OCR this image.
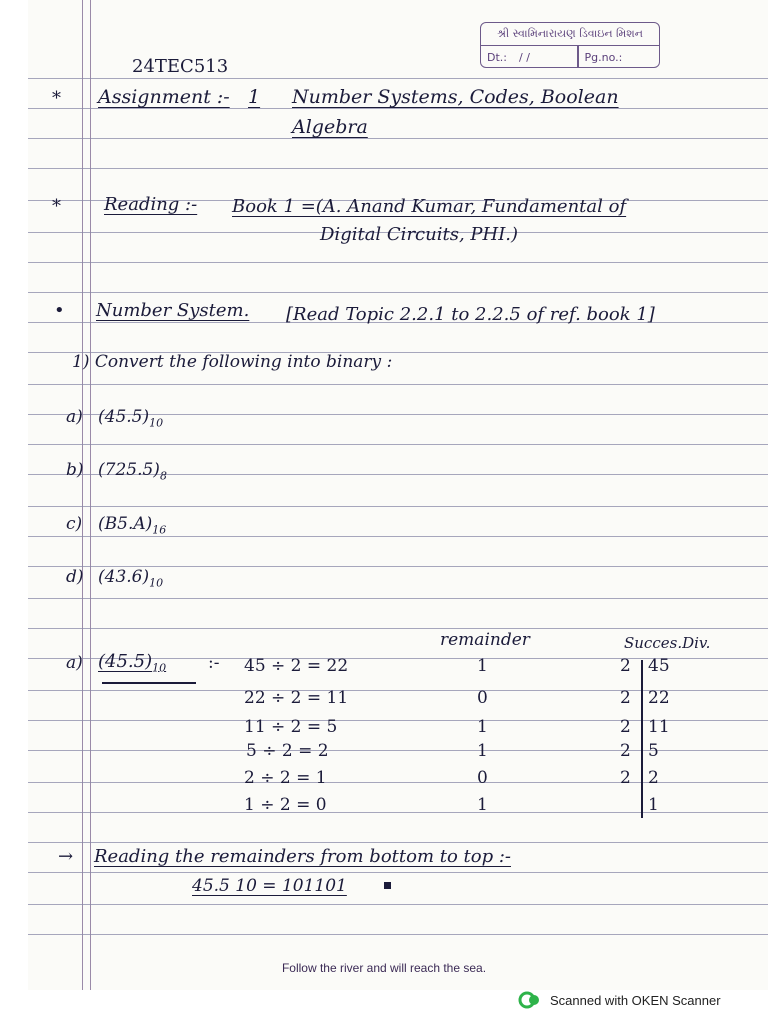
શ્રી સ્વામિનારાયણ ડિવાઇન મિશન
Dt.:	/ /	Pg.no.:
24TEC513
* Assignment :- 1 Number Systems, Codes, Boolean
Algebra
* Reading :- Book 1 =(A. Anand Kumar, Fundamental of
Digital Circuits, PHI.)
• Number System. [Read Topic 2.2.1 to 2.2.5 of ref. book 1]
1) Convert the following into binary :
a) $(45.5)_{10}$
b) $(725.5)_8$
c) $(B5.A)_{16}$
d) $(43.6)_{10}$
remainder	Succes.Div.
a) $(45.5)_{10}$ :- 45 ÷ 2 = 22	1	2 45
22 ÷ 2 = 11	0	2 22
11 ÷ 2 = 5	1	2 11
5 ÷ 2 = 2	1	2 5
2 ÷ 2 = 1	0	2 2
1 ÷ 2 = 0	1	1
→ Reading the remainders from bottom to top :-
45.5 10 = 101101
Follow the river and will reach the sea.
Scanned with OKEN Scanner
